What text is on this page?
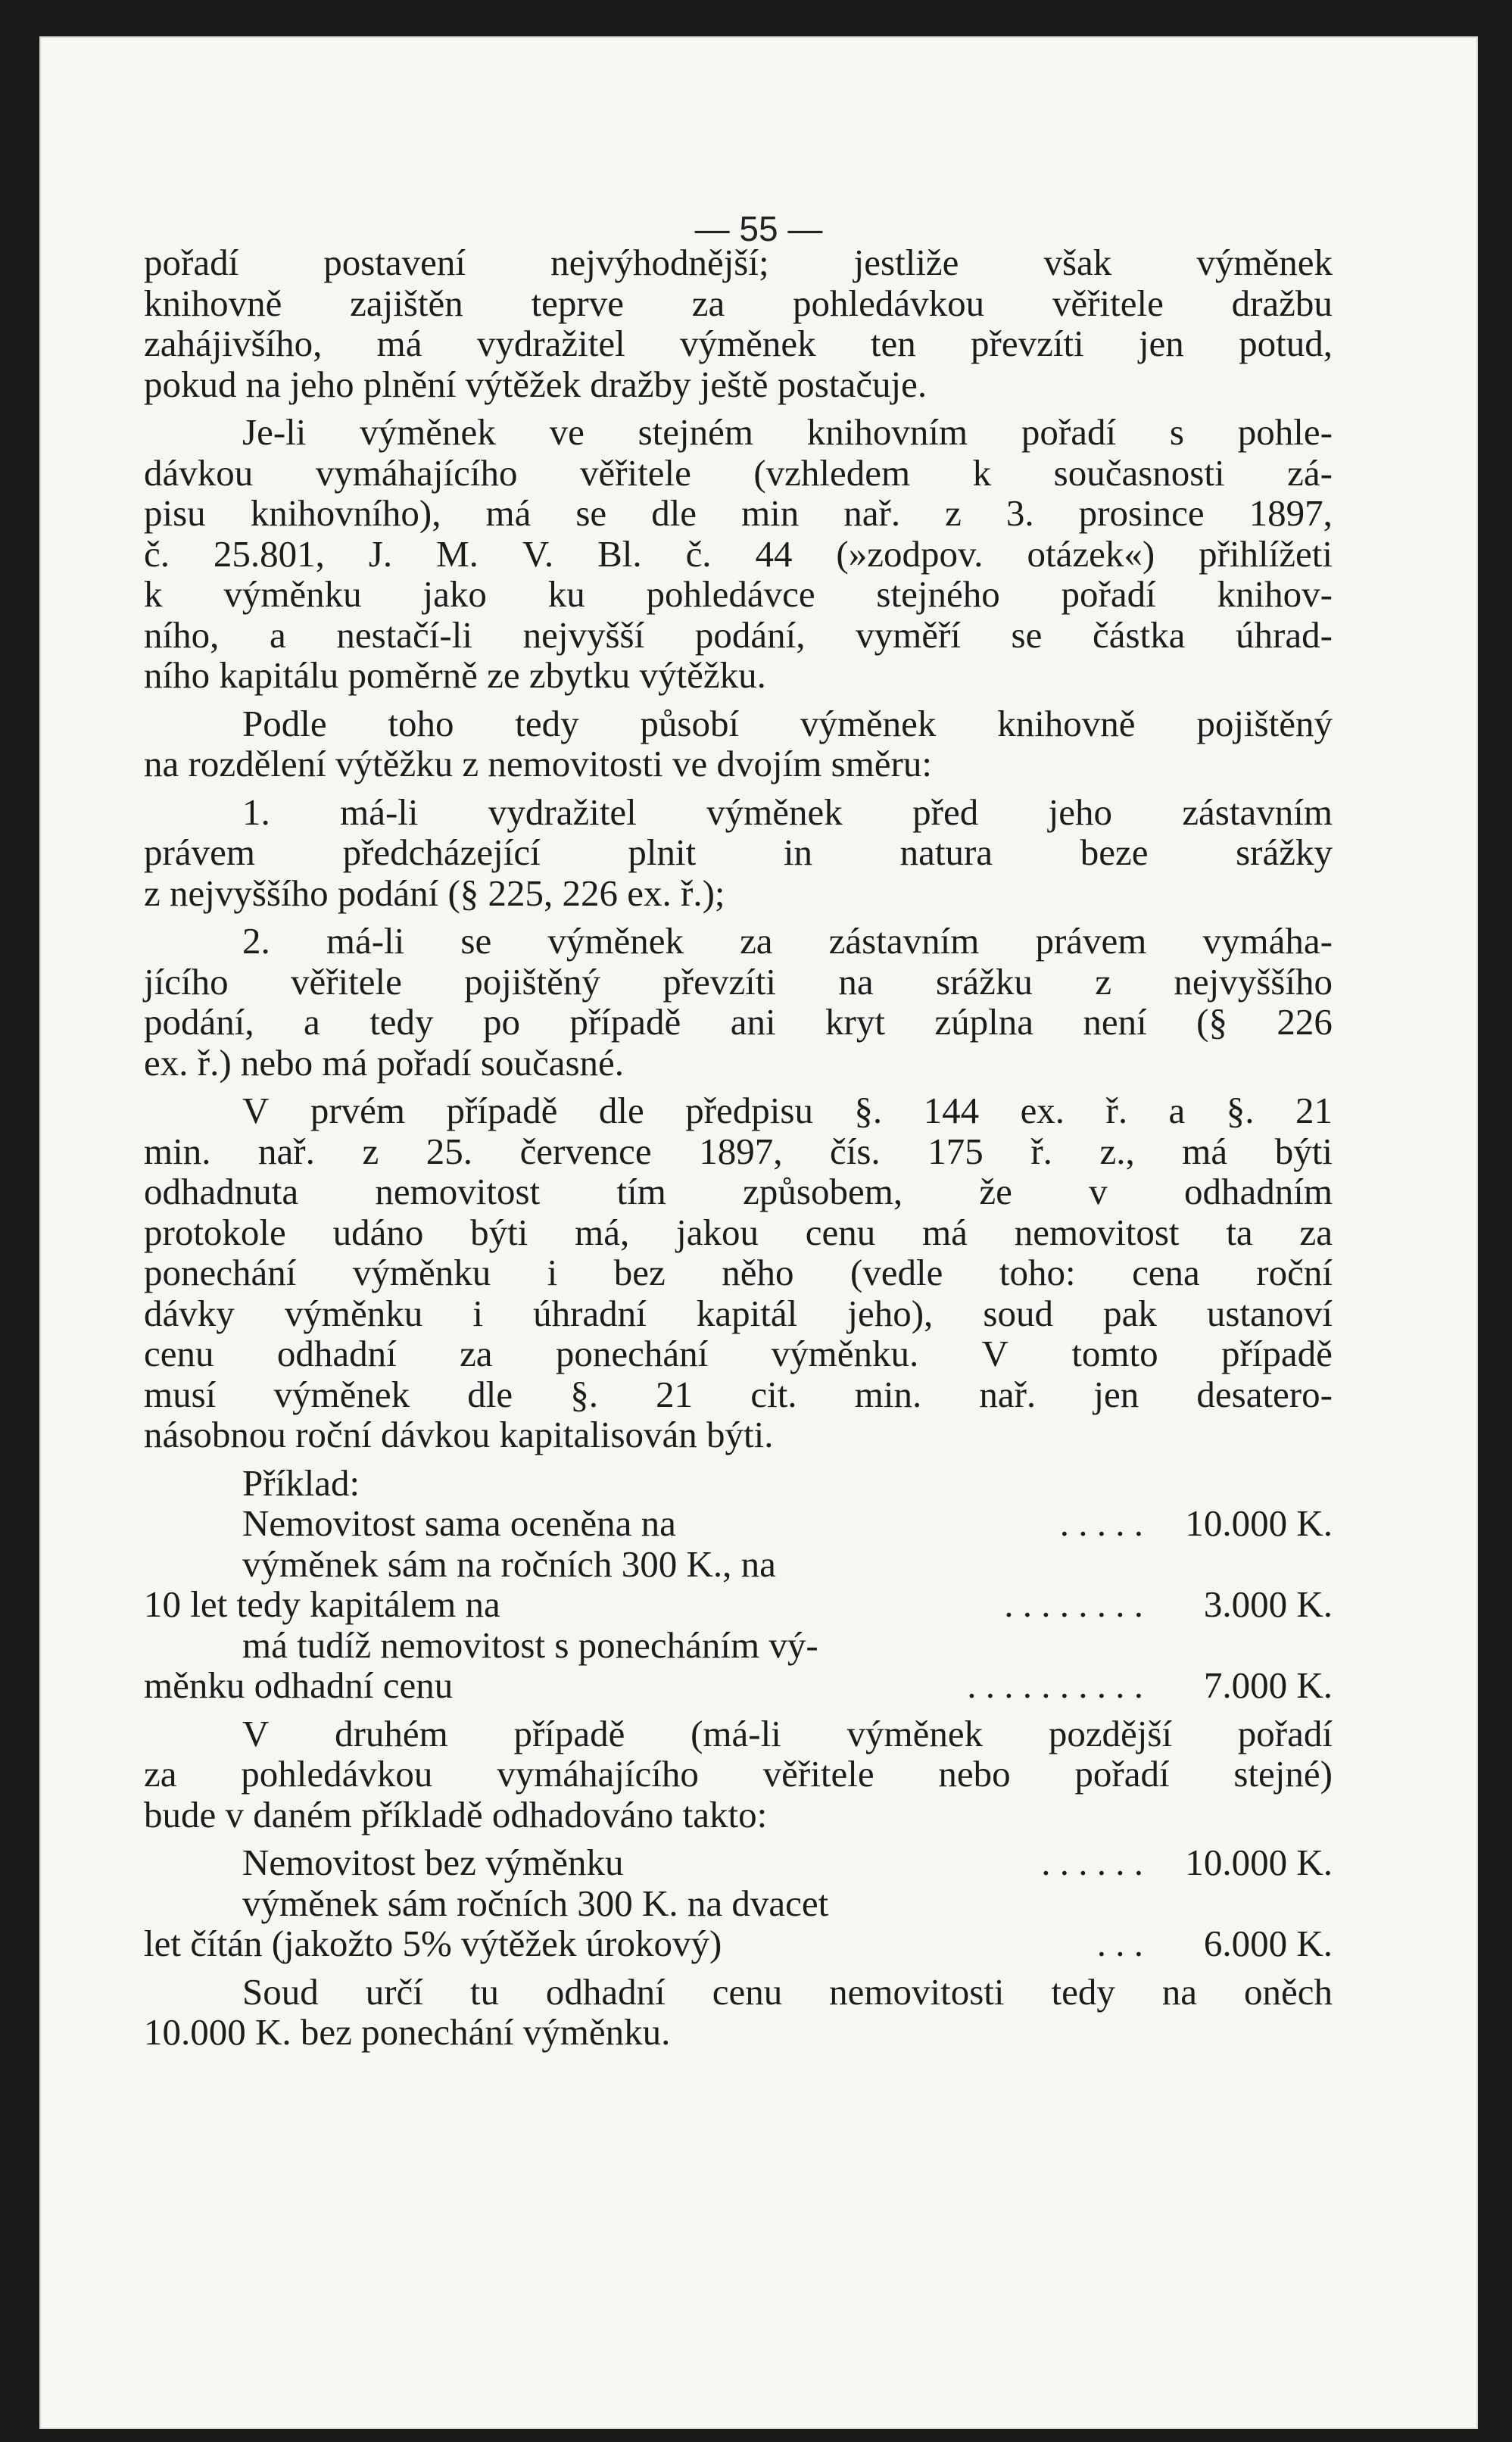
— 55 —
pořadí postavení nejvýhodnější; jestliže však výměnek
knihovně zajištěn teprve za pohledávkou věřitele dražbu
zahájivšího, má vydražitel výměnek ten převzíti jen potud,
pokud na jeho plnění výtěžek dražby ještě postačuje.
Je-li výměnek ve stejném knihovním pořadí s pohle-
dávkou vymáhajícího věřitele (vzhledem k současnosti zá-
pisu knihovního), má se dle min nař. z 3. prosince 1897,
č. 25.801, J. M. V. Bl. č. 44 (»zodpov. otázek«) přihlížeti
k výměnku jako ku pohledávce stejného pořadí knihov-
ního, a nestačí-li nejvyšší podání, vyměří se částka úhrad-
ního kapitálu poměrně ze zbytku výtěžku.
Podle toho tedy působí výměnek knihovně pojištěný
na rozdělení výtěžku z nemovitosti ve dvojím směru:
1. má-li vydražitel výměnek před jeho zástavním
právem předcházející plnit in natura beze srážky
z nejvyššího podání (§ 225, 226 ex. ř.);
2. má-li se výměnek za zástavním právem vymáha-
jícího věřitele pojištěný převzíti na srážku z nejvyššího
podání, a tedy po případě ani kryt zúplna není (§ 226
ex. ř.) nebo má pořadí současné.
V prvém případě dle předpisu §. 144 ex. ř. a §. 21
min. nař. z 25. července 1897, čís. 175 ř. z., má býti
odhadnuta nemovitost tím způsobem, že v odhadním
protokole udáno býti má, jakou cenu má nemovitost ta za
ponechání výměnku i bez něho (vedle toho: cena roční
dávky výměnku i úhradní kapitál jeho), soud pak ustanoví
cenu odhadní za ponechání výměnku. V tomto případě
musí výměnek dle §. 21 cit. min. nař. jen desatero-
násobnou roční dávkou kapitalisován býti.
Příklad:
Nemovitost sama oceněna na	. . . . .	10.000 K.
výměnek sám na ročních 300 K., na
10 let tedy kapitálem na	. . . . . . . .	3.000 K.
má tudíž nemovitost s ponecháním vý-
měnku odhadní cenu	. . . . . . . . . .	7.000 K.
V druhém případě (má-li výměnek pozdější pořadí
za pohledávkou vymáhajícího věřitele nebo pořadí stejné)
bude v daném příkladě odhadováno takto:
Nemovitost bez výměnku	. . . . . .	10.000 K.
výměnek sám ročních 300 K. na dvacet
let čítán (jakožto 5% výtěžek úrokový)	. . .	6.000 K.
Soud určí tu odhadní cenu nemovitosti tedy na oněch
10.000 K. bez ponechání výměnku.
